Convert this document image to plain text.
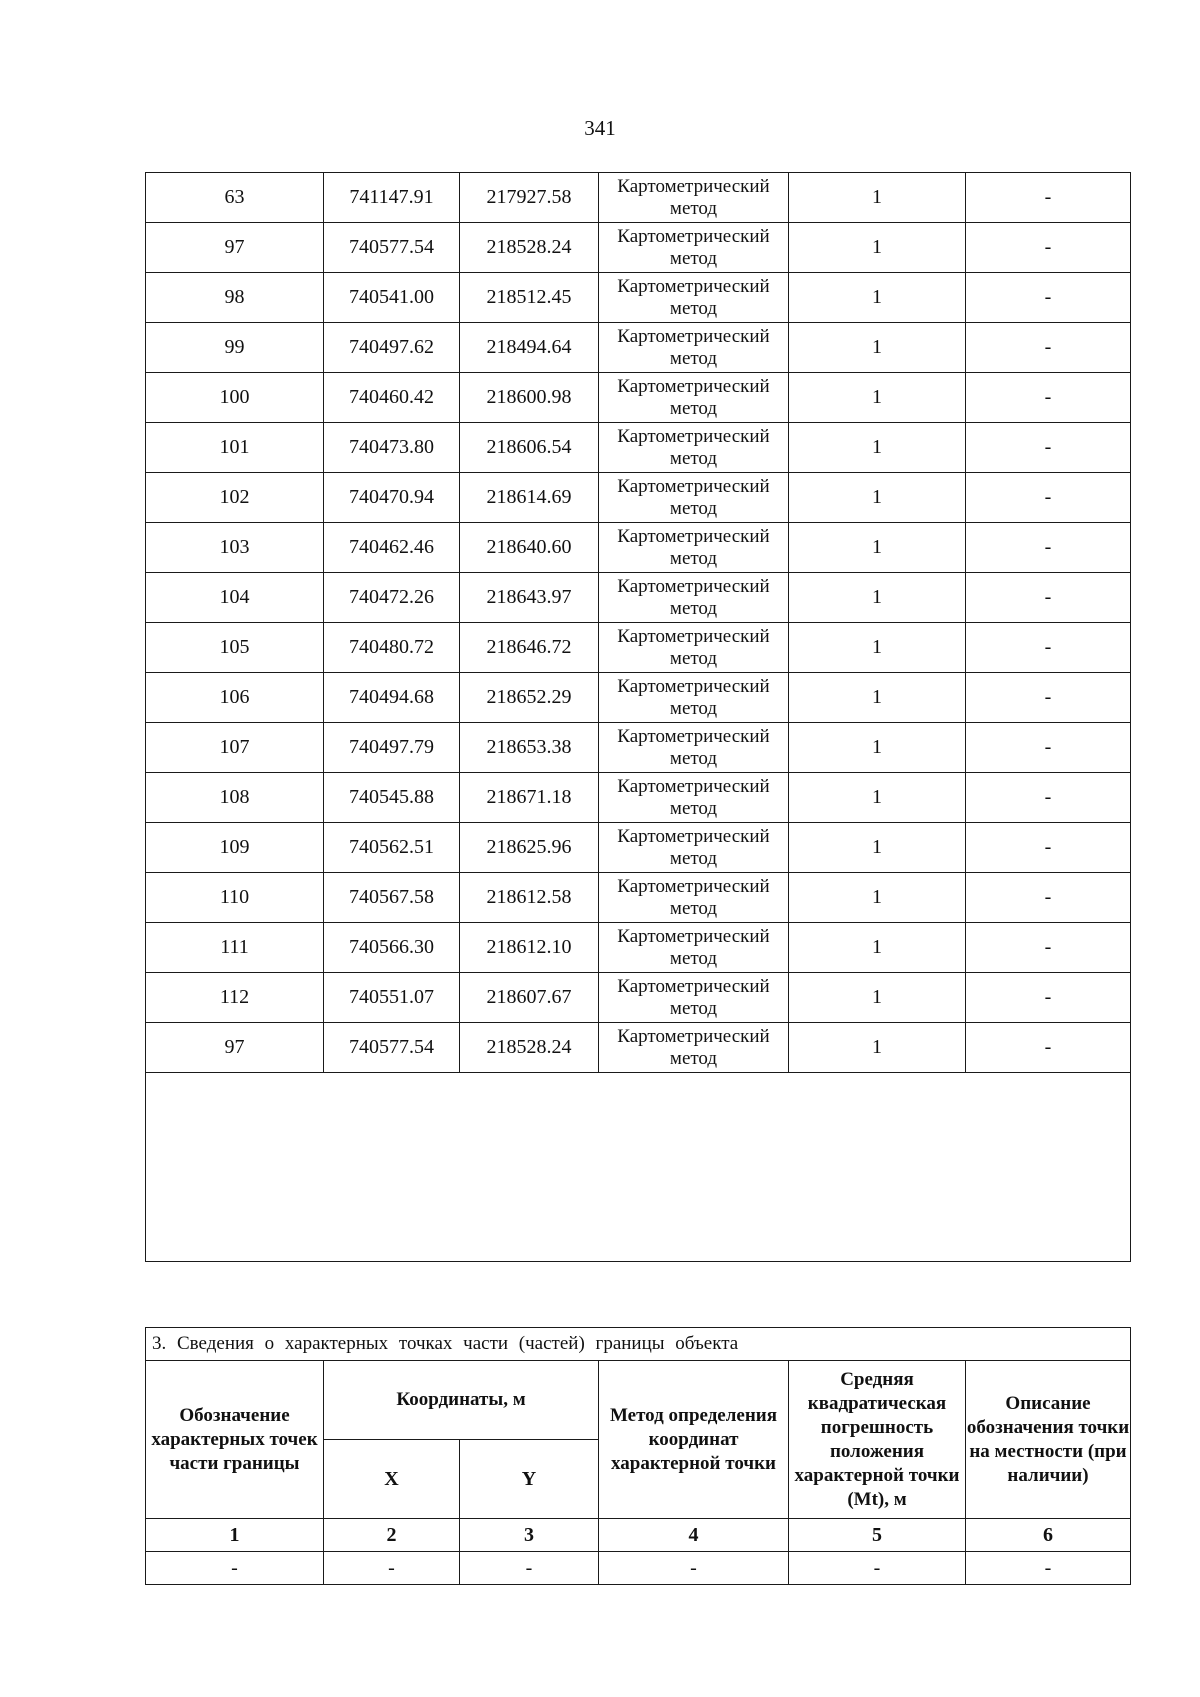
341
63	741147.91	217927.58	Картометрический метод	1	-
97	740577.54	218528.24	Картометрический метод	1	-
98	740541.00	218512.45	Картометрический метод	1	-
99	740497.62	218494.64	Картометрический метод	1	-
100	740460.42	218600.98	Картометрический метод	1	-
101	740473.80	218606.54	Картометрический метод	1	-
102	740470.94	218614.69	Картометрический метод	1	-
103	740462.46	218640.60	Картометрический метод	1	-
104	740472.26	218643.97	Картометрический метод	1	-
105	740480.72	218646.72	Картометрический метод	1	-
106	740494.68	218652.29	Картометрический метод	1	-
107	740497.79	218653.38	Картометрический метод	1	-
108	740545.88	218671.18	Картометрический метод	1	-
109	740562.51	218625.96	Картометрический метод	1	-
110	740567.58	218612.58	Картометрический метод	1	-
111	740566.30	218612.10	Картометрический метод	1	-
112	740551.07	218607.67	Картометрический метод	1	-
97	740577.54	218528.24	Картометрический метод	1	-

3. Сведения о характерных точках части (частей) границы объекта					
Обозначение характерных точек части границы	Координаты, м		Метод определения координат характерной точки	Средняя квадратическая погрешность положения характерной точки (Mt), м	Описание обозначения точки на местности (при наличии)
	X	Y			
1	2	3	4	5	6
-	-	-	-	-	-
